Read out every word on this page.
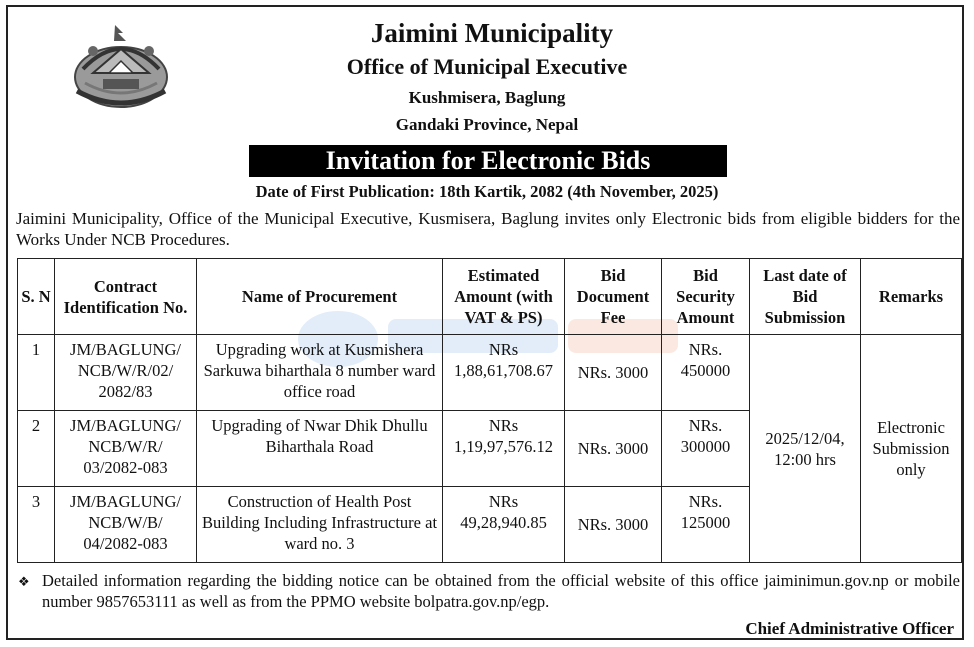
Jaimini Municipality
Office of Municipal Executive
Kushmisera, Baglung
Gandaki Province, Nepal
Invitation for Electronic Bids
Date of First Publication: 18th Kartik, 2082 (4th November, 2025)
Jaimini Municipality, Office of the Municipal Executive, Kusmisera, Baglung invites only Electronic bids from eligible bidders for the Works Under NCB Procedures.
S. N	Contract Identification No.	Name of Procurement	Estimated Amount (with VAT & PS)	Bid Document Fee	Bid Security Amount	Last date of Bid Submission	Remarks
1	JM/BAGLUNG/ NCB/W/R/02/ 2082/83	Upgrading work at Kusmishera Sarkuwa biharthala 8 number ward office road	NRs 1,88,61,708.67	NRs. 3000	NRs. 450000	2025/12/04, 12:00 hrs	Electronic Submission only
2	JM/BAGLUNG/ NCB/W/R/ 03/2082-083	Upgrading of Nwar Dhik Dhullu Biharthala Road	NRs 1,19,97,576.12	NRs. 3000	NRs. 300000		
3	JM/BAGLUNG/ NCB/W/B/ 04/2082-083	Construction of Health Post Building Including Infrastructure at ward no. 3	NRs 49,28,940.85	NRs. 3000	NRs. 125000		
❖ Detailed information regarding the bidding notice can be obtained from the official website of this office jaiminimun.gov.np or mobile number 9857653111 as well as from the PPMO website bolpatra.gov.np/egp.
Chief Administrative Officer
